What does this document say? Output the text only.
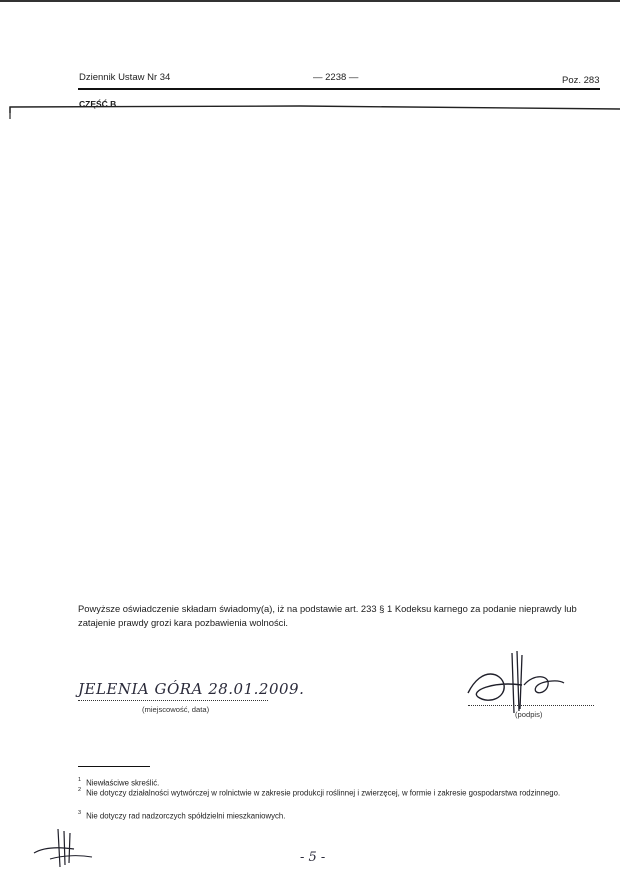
Dziennik Ustaw Nr 34	— 2238 —	Poz. 283
CZĘŚĆ B
Powyższe oświadczenie składam świadomy(a), iż na podstawie art. 233 § 1 Kodeksu karnego za podanie nieprawdy lub zatajenie prawdy grozi kara pozbawienia wolności.
JELENIA GÓRA 28.01.2009.
(miejscowość, data)
(podpis)
$^1$ Niewłaściwe skreślić.
$^2$ Nie dotyczy działalności wytwórczej w rolnictwie w zakresie produkcji roślinnej i zwierzęcej, w formie i zakresie gospodarstwa rodzinnego.
$^3$ Nie dotyczy rad nadzorczych spółdzielni mieszkaniowych.
- 5 -
